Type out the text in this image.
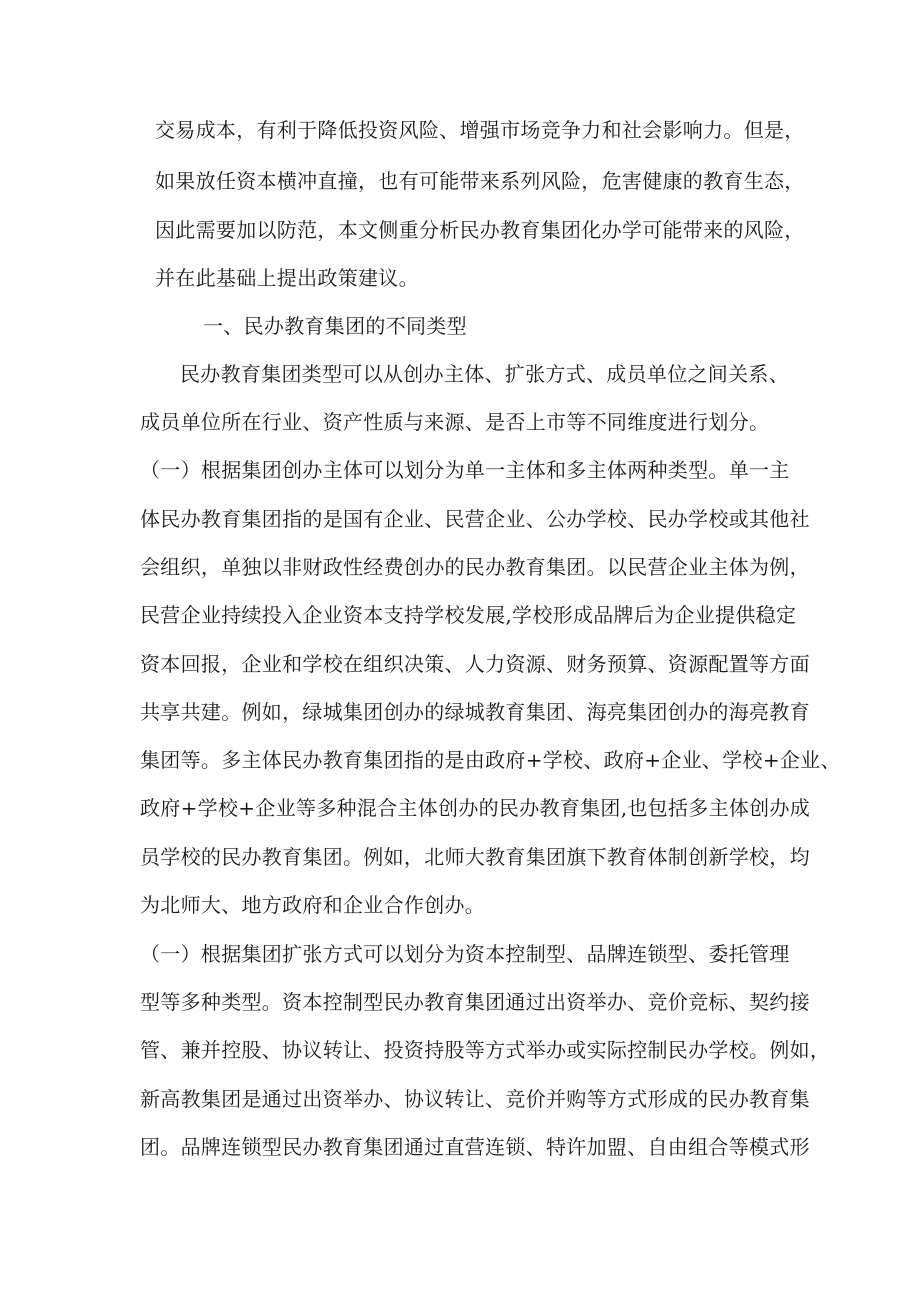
交易成本，有利于降低投资风险、增强市场竞争力和社会影响力。但是，
如果放任资本横冲直撞，也有可能带来系列风险，危害健康的教育生态，
因此需要加以防范，本文侧重分析民办教育集团化办学可能带来的风险，
并在此基础上提出政策建议。
一、民办教育集团的不同类型
民办教育集团类型可以从创办主体、扩张方式、成员单位之间关系、
成员单位所在行业、资产性质与来源、是否上市等不同维度进行划分。
（一）根据集团创办主体可以划分为单一主体和多主体两种类型。单一主
体民办教育集团指的是国有企业、民营企业、公办学校、民办学校或其他社
会组织，单独以非财政性经费创办的民办教育集团。以民营企业主体为例，
民营企业持续投入企业资本支持学校发展,学校形成品牌后为企业提供稳定
资本回报，企业和学校在组织决策、人力资源、财务预算、资源配置等方面
共享共建。例如，绿城集团创办的绿城教育集团、海亮集团创办的海亮教育
集团等。多主体民办教育集团指的是由政府+学校、政府+企业、学校+企业、
政府+学校+企业等多种混合主体创办的民办教育集团,也包括多主体创办成
员学校的民办教育集团。例如，北师大教育集团旗下教育体制创新学校，均
为北师大、地方政府和企业合作创办。
（一）根据集团扩张方式可以划分为资本控制型、品牌连锁型、委托管理
型等多种类型。资本控制型民办教育集团通过出资举办、竞价竞标、契约接
管、兼并控股、协议转让、投资持股等方式举办或实际控制民办学校。例如，
新高教集团是通过出资举办、协议转让、竞价并购等方式形成的民办教育集
团。品牌连锁型民办教育集团通过直营连锁、特许加盟、自由组合等模式形
